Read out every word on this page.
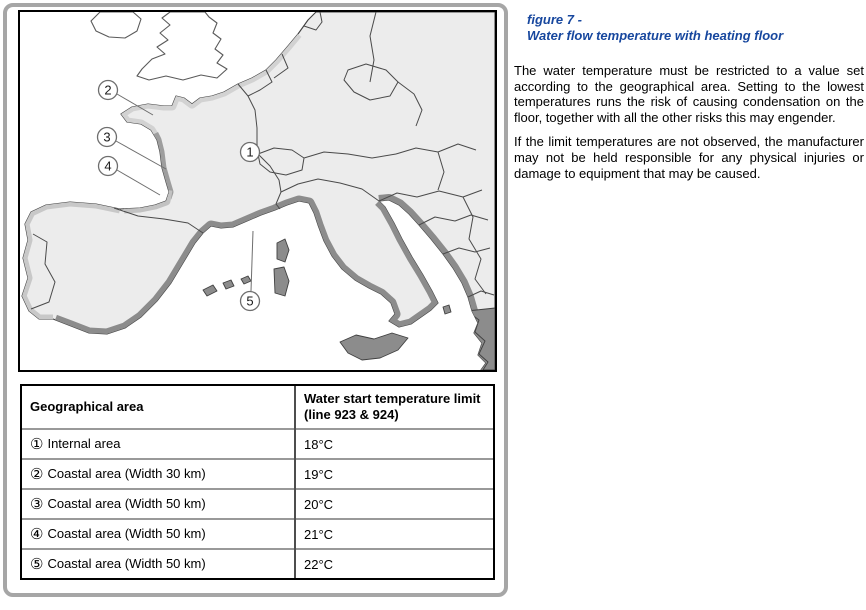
1
2
3
4
5
Geographical area	Water start temperature limit (line 923 & 924)
① Internal area	18°C
② Coastal area (Width 30 km)	19°C
③ Coastal area (Width 50 km)	20°C
④ Coastal area (Width 50 km)	21°C
⑤ Coastal area (Width 50 km)	22°C
figure 7 -
Water flow temperature with heating floor

The water temperature must be restricted to a value set according to the geographical area. Setting to the lowest temperatures runs the risk of causing condensation on the floor, together with all the other risks this may engender.

If the limit temperatures are not observed, the manufacturer may not be held responsible for any physical injuries or damage to equipment that may be caused.
